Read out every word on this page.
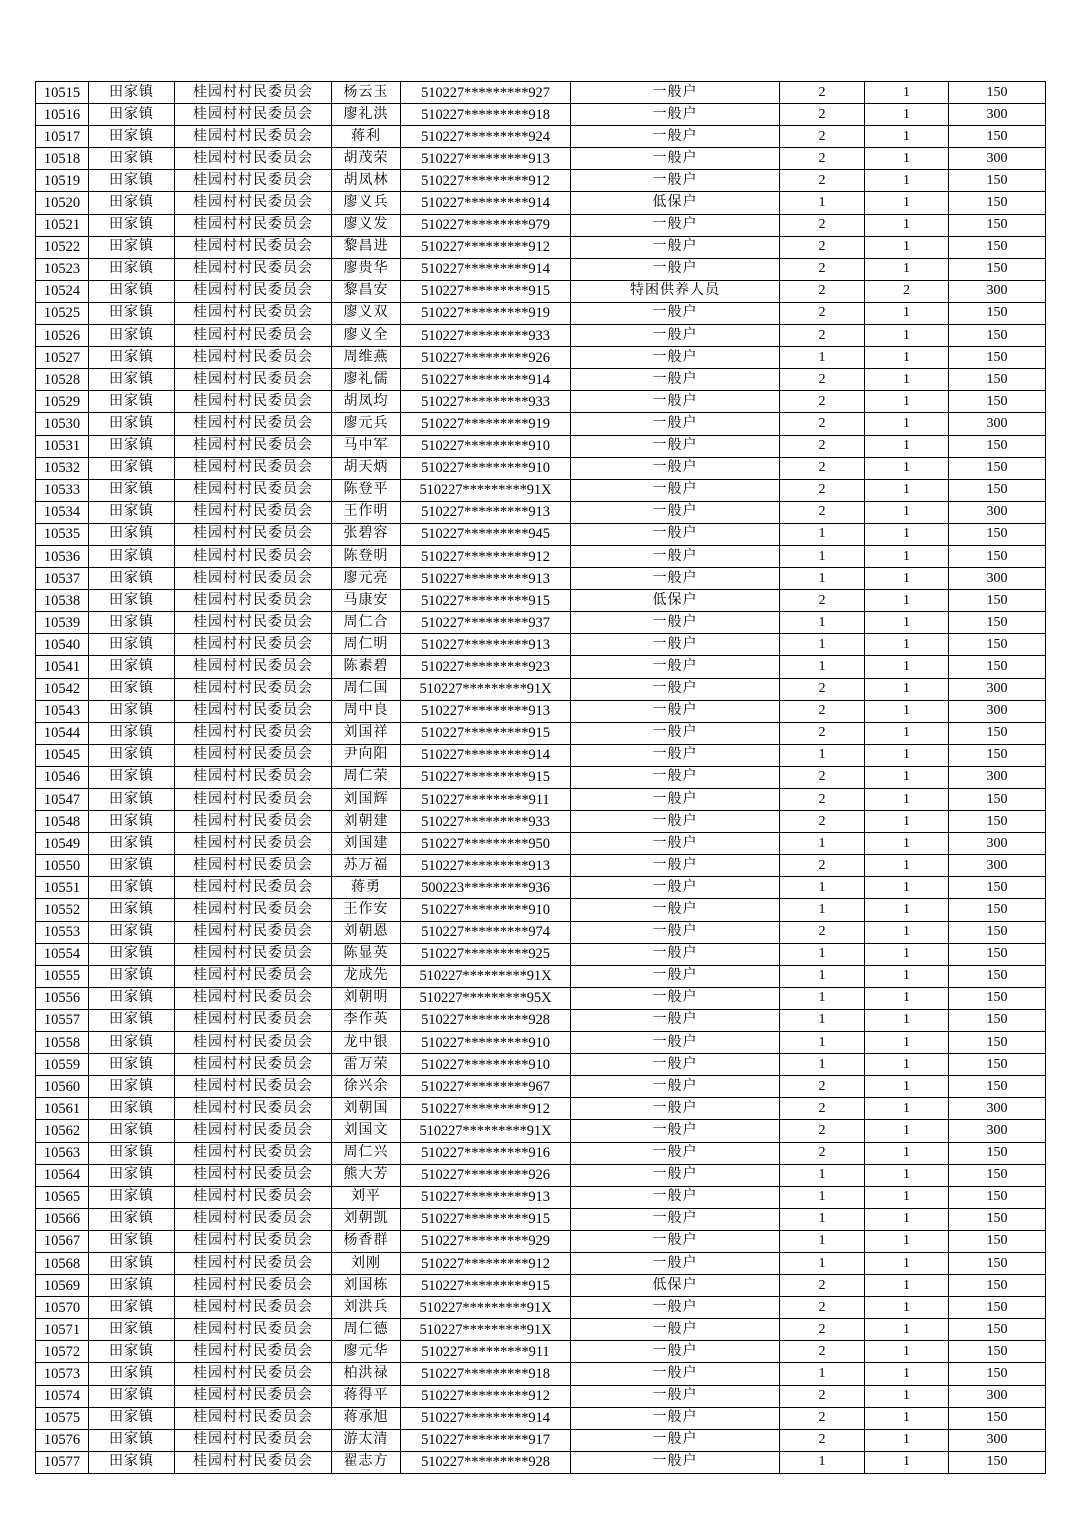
10515	田家镇	桂园村村民委员会	杨云玉	510227*********927	一般户	2	1	150
10516	田家镇	桂园村村民委员会	廖礼洪	510227*********918	一般户	2	1	300
10517	田家镇	桂园村村民委员会	蒋利	510227*********924	一般户	2	1	150
10518	田家镇	桂园村村民委员会	胡茂荣	510227*********913	一般户	2	1	300
10519	田家镇	桂园村村民委员会	胡凤林	510227*********912	一般户	2	1	150
10520	田家镇	桂园村村民委员会	廖义兵	510227*********914	低保户	1	1	150
10521	田家镇	桂园村村民委员会	廖义发	510227*********979	一般户	2	1	150
10522	田家镇	桂园村村民委员会	黎昌进	510227*********912	一般户	2	1	150
10523	田家镇	桂园村村民委员会	廖贵华	510227*********914	一般户	2	1	150
10524	田家镇	桂园村村民委员会	黎昌安	510227*********915	特困供养人员	2	2	300
10525	田家镇	桂园村村民委员会	廖义双	510227*********919	一般户	2	1	150
10526	田家镇	桂园村村民委员会	廖义全	510227*********933	一般户	2	1	150
10527	田家镇	桂园村村民委员会	周维燕	510227*********926	一般户	1	1	150
10528	田家镇	桂园村村民委员会	廖礼儒	510227*********914	一般户	2	1	150
10529	田家镇	桂园村村民委员会	胡凤均	510227*********933	一般户	2	1	150
10530	田家镇	桂园村村民委员会	廖元兵	510227*********919	一般户	2	1	300
10531	田家镇	桂园村村民委员会	马中军	510227*********910	一般户	2	1	150
10532	田家镇	桂园村村民委员会	胡天炳	510227*********910	一般户	2	1	150
10533	田家镇	桂园村村民委员会	陈登平	510227*********91X	一般户	2	1	150
10534	田家镇	桂园村村民委员会	王作明	510227*********913	一般户	2	1	300
10535	田家镇	桂园村村民委员会	张碧容	510227*********945	一般户	1	1	150
10536	田家镇	桂园村村民委员会	陈登明	510227*********912	一般户	1	1	150
10537	田家镇	桂园村村民委员会	廖元亮	510227*********913	一般户	1	1	300
10538	田家镇	桂园村村民委员会	马康安	510227*********915	低保户	2	1	150
10539	田家镇	桂园村村民委员会	周仁合	510227*********937	一般户	1	1	150
10540	田家镇	桂园村村民委员会	周仁明	510227*********913	一般户	1	1	150
10541	田家镇	桂园村村民委员会	陈素碧	510227*********923	一般户	1	1	150
10542	田家镇	桂园村村民委员会	周仁国	510227*********91X	一般户	2	1	300
10543	田家镇	桂园村村民委员会	周中良	510227*********913	一般户	2	1	300
10544	田家镇	桂园村村民委员会	刘国祥	510227*********915	一般户	2	1	150
10545	田家镇	桂园村村民委员会	尹向阳	510227*********914	一般户	1	1	150
10546	田家镇	桂园村村民委员会	周仁荣	510227*********915	一般户	2	1	300
10547	田家镇	桂园村村民委员会	刘国辉	510227*********911	一般户	2	1	150
10548	田家镇	桂园村村民委员会	刘朝建	510227*********933	一般户	2	1	150
10549	田家镇	桂园村村民委员会	刘国建	510227*********950	一般户	1	1	300
10550	田家镇	桂园村村民委员会	苏万福	510227*********913	一般户	2	1	300
10551	田家镇	桂园村村民委员会	蒋勇	500223*********936	一般户	1	1	150
10552	田家镇	桂园村村民委员会	王作安	510227*********910	一般户	1	1	150
10553	田家镇	桂园村村民委员会	刘朝恩	510227*********974	一般户	2	1	150
10554	田家镇	桂园村村民委员会	陈显英	510227*********925	一般户	1	1	150
10555	田家镇	桂园村村民委员会	龙成先	510227*********91X	一般户	1	1	150
10556	田家镇	桂园村村民委员会	刘朝明	510227*********95X	一般户	1	1	150
10557	田家镇	桂园村村民委员会	李作英	510227*********928	一般户	1	1	150
10558	田家镇	桂园村村民委员会	龙中银	510227*********910	一般户	1	1	150
10559	田家镇	桂园村村民委员会	雷万荣	510227*********910	一般户	1	1	150
10560	田家镇	桂园村村民委员会	徐兴余	510227*********967	一般户	2	1	150
10561	田家镇	桂园村村民委员会	刘朝国	510227*********912	一般户	2	1	300
10562	田家镇	桂园村村民委员会	刘国文	510227*********91X	一般户	2	1	300
10563	田家镇	桂园村村民委员会	周仁兴	510227*********916	一般户	2	1	150
10564	田家镇	桂园村村民委员会	熊大芳	510227*********926	一般户	1	1	150
10565	田家镇	桂园村村民委员会	刘平	510227*********913	一般户	1	1	150
10566	田家镇	桂园村村民委员会	刘朝凯	510227*********915	一般户	1	1	150
10567	田家镇	桂园村村民委员会	杨香群	510227*********929	一般户	1	1	150
10568	田家镇	桂园村村民委员会	刘刚	510227*********912	一般户	1	1	150
10569	田家镇	桂园村村民委员会	刘国栋	510227*********915	低保户	2	1	150
10570	田家镇	桂园村村民委员会	刘洪兵	510227*********91X	一般户	2	1	150
10571	田家镇	桂园村村民委员会	周仁德	510227*********91X	一般户	2	1	150
10572	田家镇	桂园村村民委员会	廖元华	510227*********911	一般户	2	1	150
10573	田家镇	桂园村村民委员会	柏洪禄	510227*********918	一般户	1	1	150
10574	田家镇	桂园村村民委员会	蒋得平	510227*********912	一般户	2	1	300
10575	田家镇	桂园村村民委员会	蒋承旭	510227*********914	一般户	2	1	150
10576	田家镇	桂园村村民委员会	游太清	510227*********917	一般户	2	1	300
10577	田家镇	桂园村村民委员会	翟志方	510227*********928	一般户	1	1	150
